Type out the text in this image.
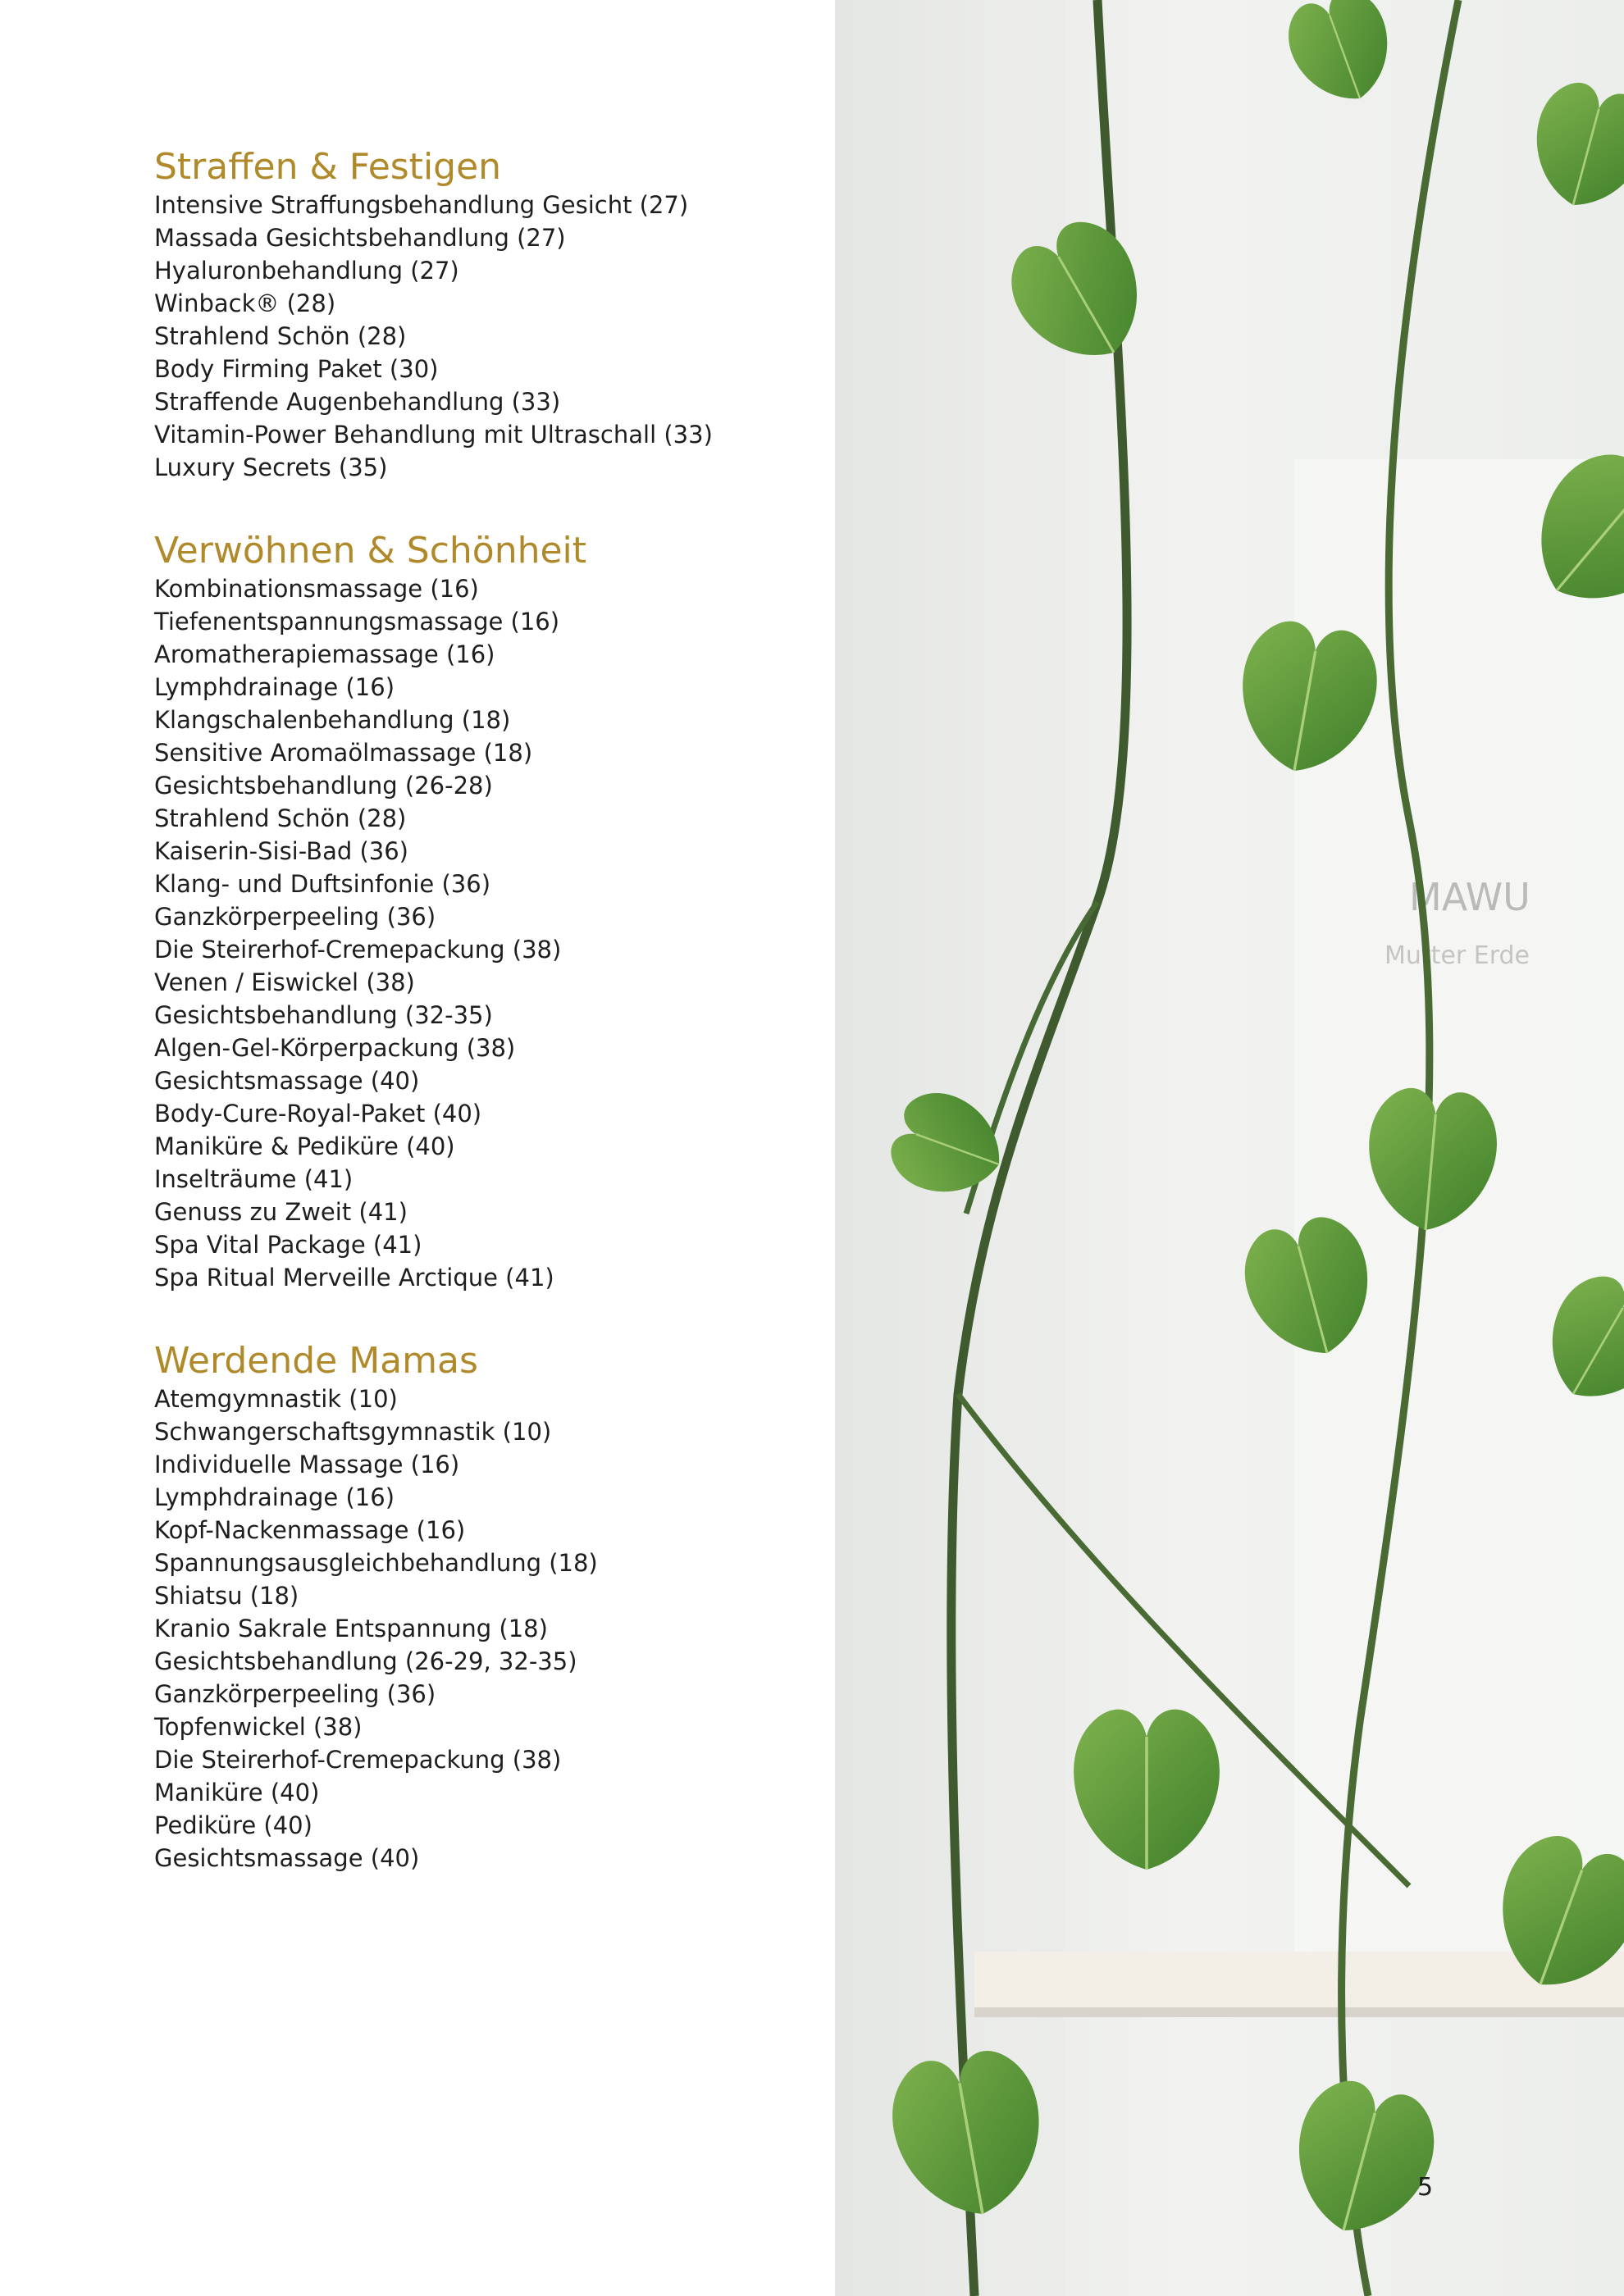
Straffen & Festigen
Intensive Straffungsbehandlung Gesicht (27)
Massada Gesichtsbehandlung (27)
Hyaluronbehandlung (27)
Winback® (28)
Strahlend Schön (28)
Body Firming Paket (30)
Straffende Augenbehandlung (33)
Vitamin-Power Behandlung mit Ultraschall (33)
Luxury Secrets (35)
Verwöhnen & Schönheit
Kombinationsmassage (16)
Tiefenentspannungsmassage (16)
Aromatherapiemassage (16)
Lymphdrainage (16)
Klangschalenbehandlung (18)
Sensitive Aromaölmassage (18)
Gesichtsbehandlung (26-28)
Strahlend Schön (28)
Kaiserin-Sisi-Bad (36)
Klang- und Duftsinfonie (36)
Ganzkörperpeeling (36)
Die Steirerhof-Cremepackung (38)
Venen / Eiswickel (38)
Gesichtsbehandlung (32-35)
Algen-Gel-Körperpackung (38)
Gesichtsmassage (40)
Body-Cure-Royal-Paket (40)
Maniküre & Pediküre (40)
Inselträume (41)
Genuss zu Zweit (41)
Spa Vital Package (41)
Spa Ritual Merveille Arctique (41)
Werdende Mamas
Atemgymnastik (10)
Schwangerschaftsgymnastik (10)
Individuelle Massage (16)
Lymphdrainage (16)
Kopf-Nackenmassage (16)
Spannungsausgleichbehandlung (18)
Shiatsu (18)
Kranio Sakrale Entspannung (18)
Gesichtsbehandlung (26-29, 32-35)
Ganzkörperpeeling (36)
Topfenwickel (38)
Die Steirerhof-Cremepackung (38)
Maniküre (40)
Pediküre (40)
Gesichtsmassage (40)
MAWU
Mutter Erde
5
